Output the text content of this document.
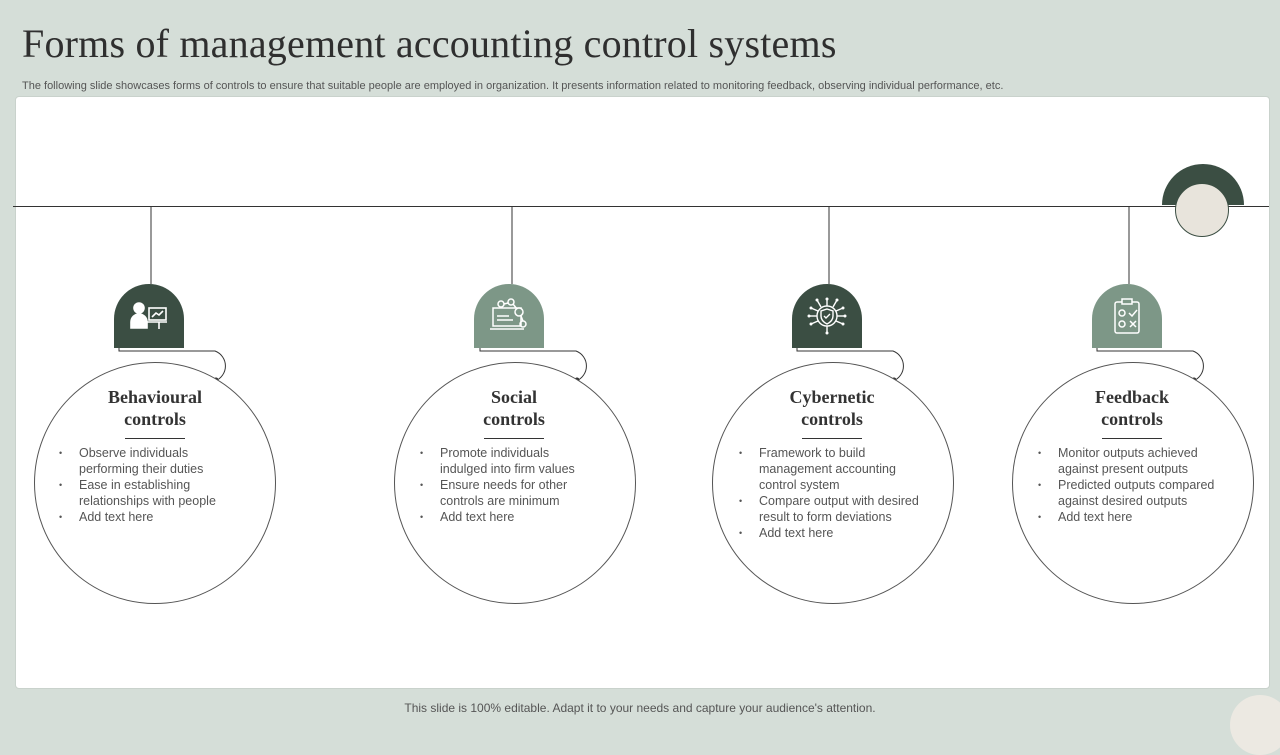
Forms of management accounting control systems

The following slide showcases forms of controls to ensure that suitable people are employed in organization. It presents information related to monitoring feedback, observing individual performance, etc.

Behavioural
controls
• Observe individuals performing their duties
• Ease in establishing relationships with people
• Add text here
Social
controls
• Promote individuals indulged into firm values
• Ensure needs for other controls are minimum
• Add text here
Cybernetic
controls
• Framework to build management accounting control system
• Compare output with desired result to form deviations
• Add text here
Feedback
controls
• Monitor outputs achieved against present outputs
• Predicted outputs compared against desired outputs
• Add text here
This slide is 100% editable. Adapt it to your needs and capture your audience's attention.
